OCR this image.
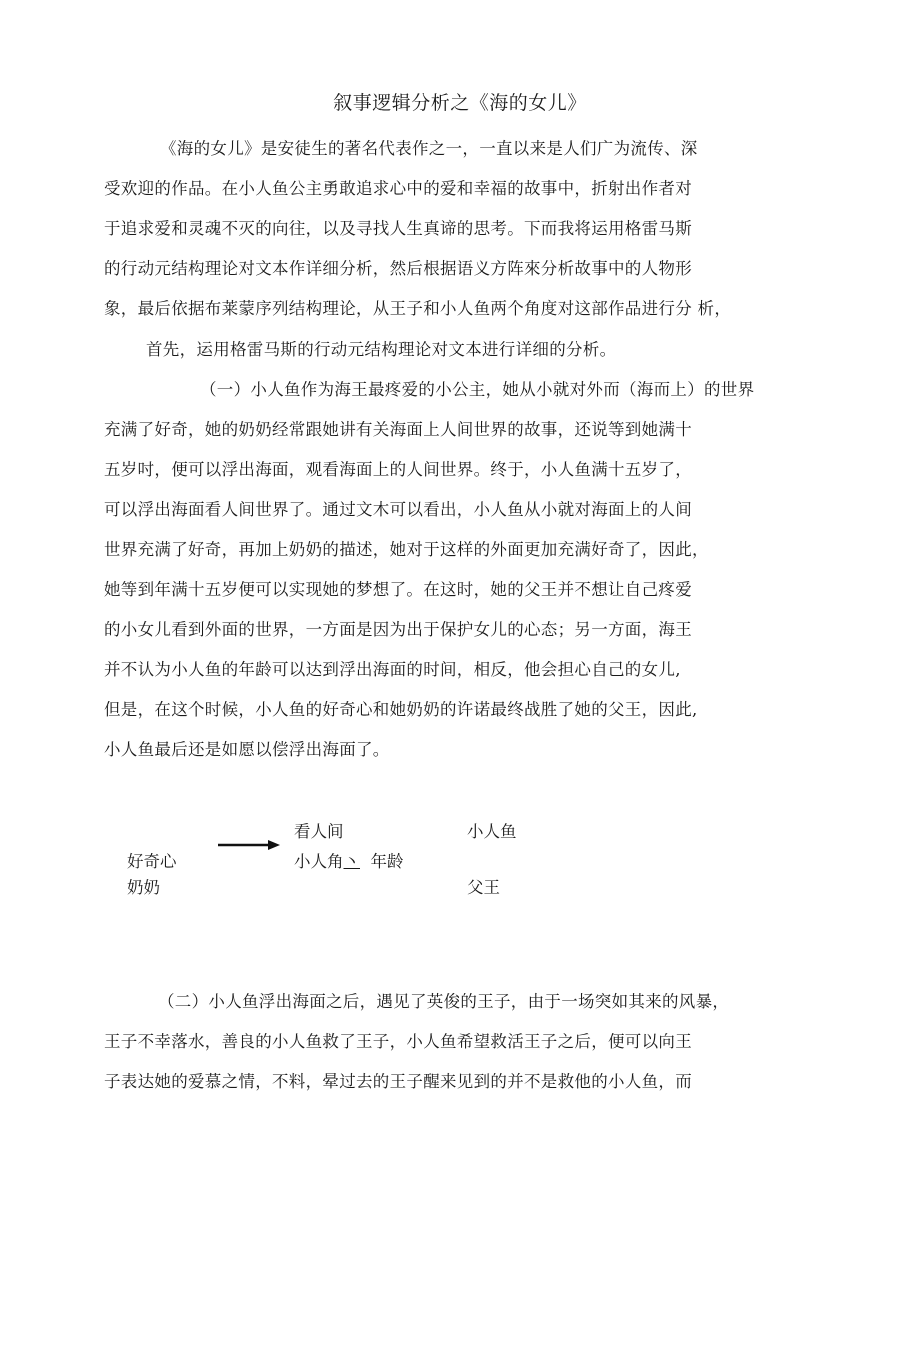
叙事逻辑分析之《海的女儿》
《海的女儿》是安徒生的著名代表作之一，一直以来是人们广为流传、深
受欢迎的作品。在小人鱼公主勇敢追求心中的爱和幸福的故事中，折射出作者对
于追求爱和灵魂不灭的向往，以及寻找人生真谛的思考。下而我将运用格雷马斯
的行动元结构理论对文本作详细分析，然后根据语义方阵來分析故事中的人物形
象，最后依据布莱蒙序列结构理论，从王子和小人鱼两个角度对这部作品进行分 析，
首先，运用格雷马斯的行动元结构理论对文本进行详细的分析。
（一）小人鱼作为海王最疼爱的小公主，她从小就对外而（海而上）的世界
充满了好奇，她的奶奶经常跟她讲有关海面上人间世界的故事，还说等到她满十
五岁吋，便可以浮出海面，观看海面上的人间世界。终于，小人鱼满十五岁了，
可以浮出海面看人间世界了。通过文木可以看出，小人鱼从小就对海面上的人间
世界充满了好奇，再加上奶奶的描述，她对于这样的外面更加充满好奇了，因此，
她等到年满十五岁便可以实现她的梦想了。在这时，她的父王并不想让自己疼爱
的小女儿看到外面的世界，一方面是因为出于保护女儿的心态；另一方面，海王
并不认为小人鱼的年龄可以达到浮出海面的时间，相反，他会担心自己的女儿,
但是，在这个时候，小人鱼的好奇心和她奶奶的许诺最终战胜了她的父王，因此,
小人鱼最后还是如愿以偿浮出海面了。
好奇心
奶奶
看人间
小人角丶 年龄
小人鱼
父王
（二）小人鱼浮出海面之后，遇见了英俊的王子，由于一场突如其来的风暴，
王子不幸落水，善良的小人鱼救了王子，小人鱼希望救活王子之后，便可以向王
子表达她的爱慕之情，不料，晕过去的王子醒来见到的并不是救他的小人鱼，而
